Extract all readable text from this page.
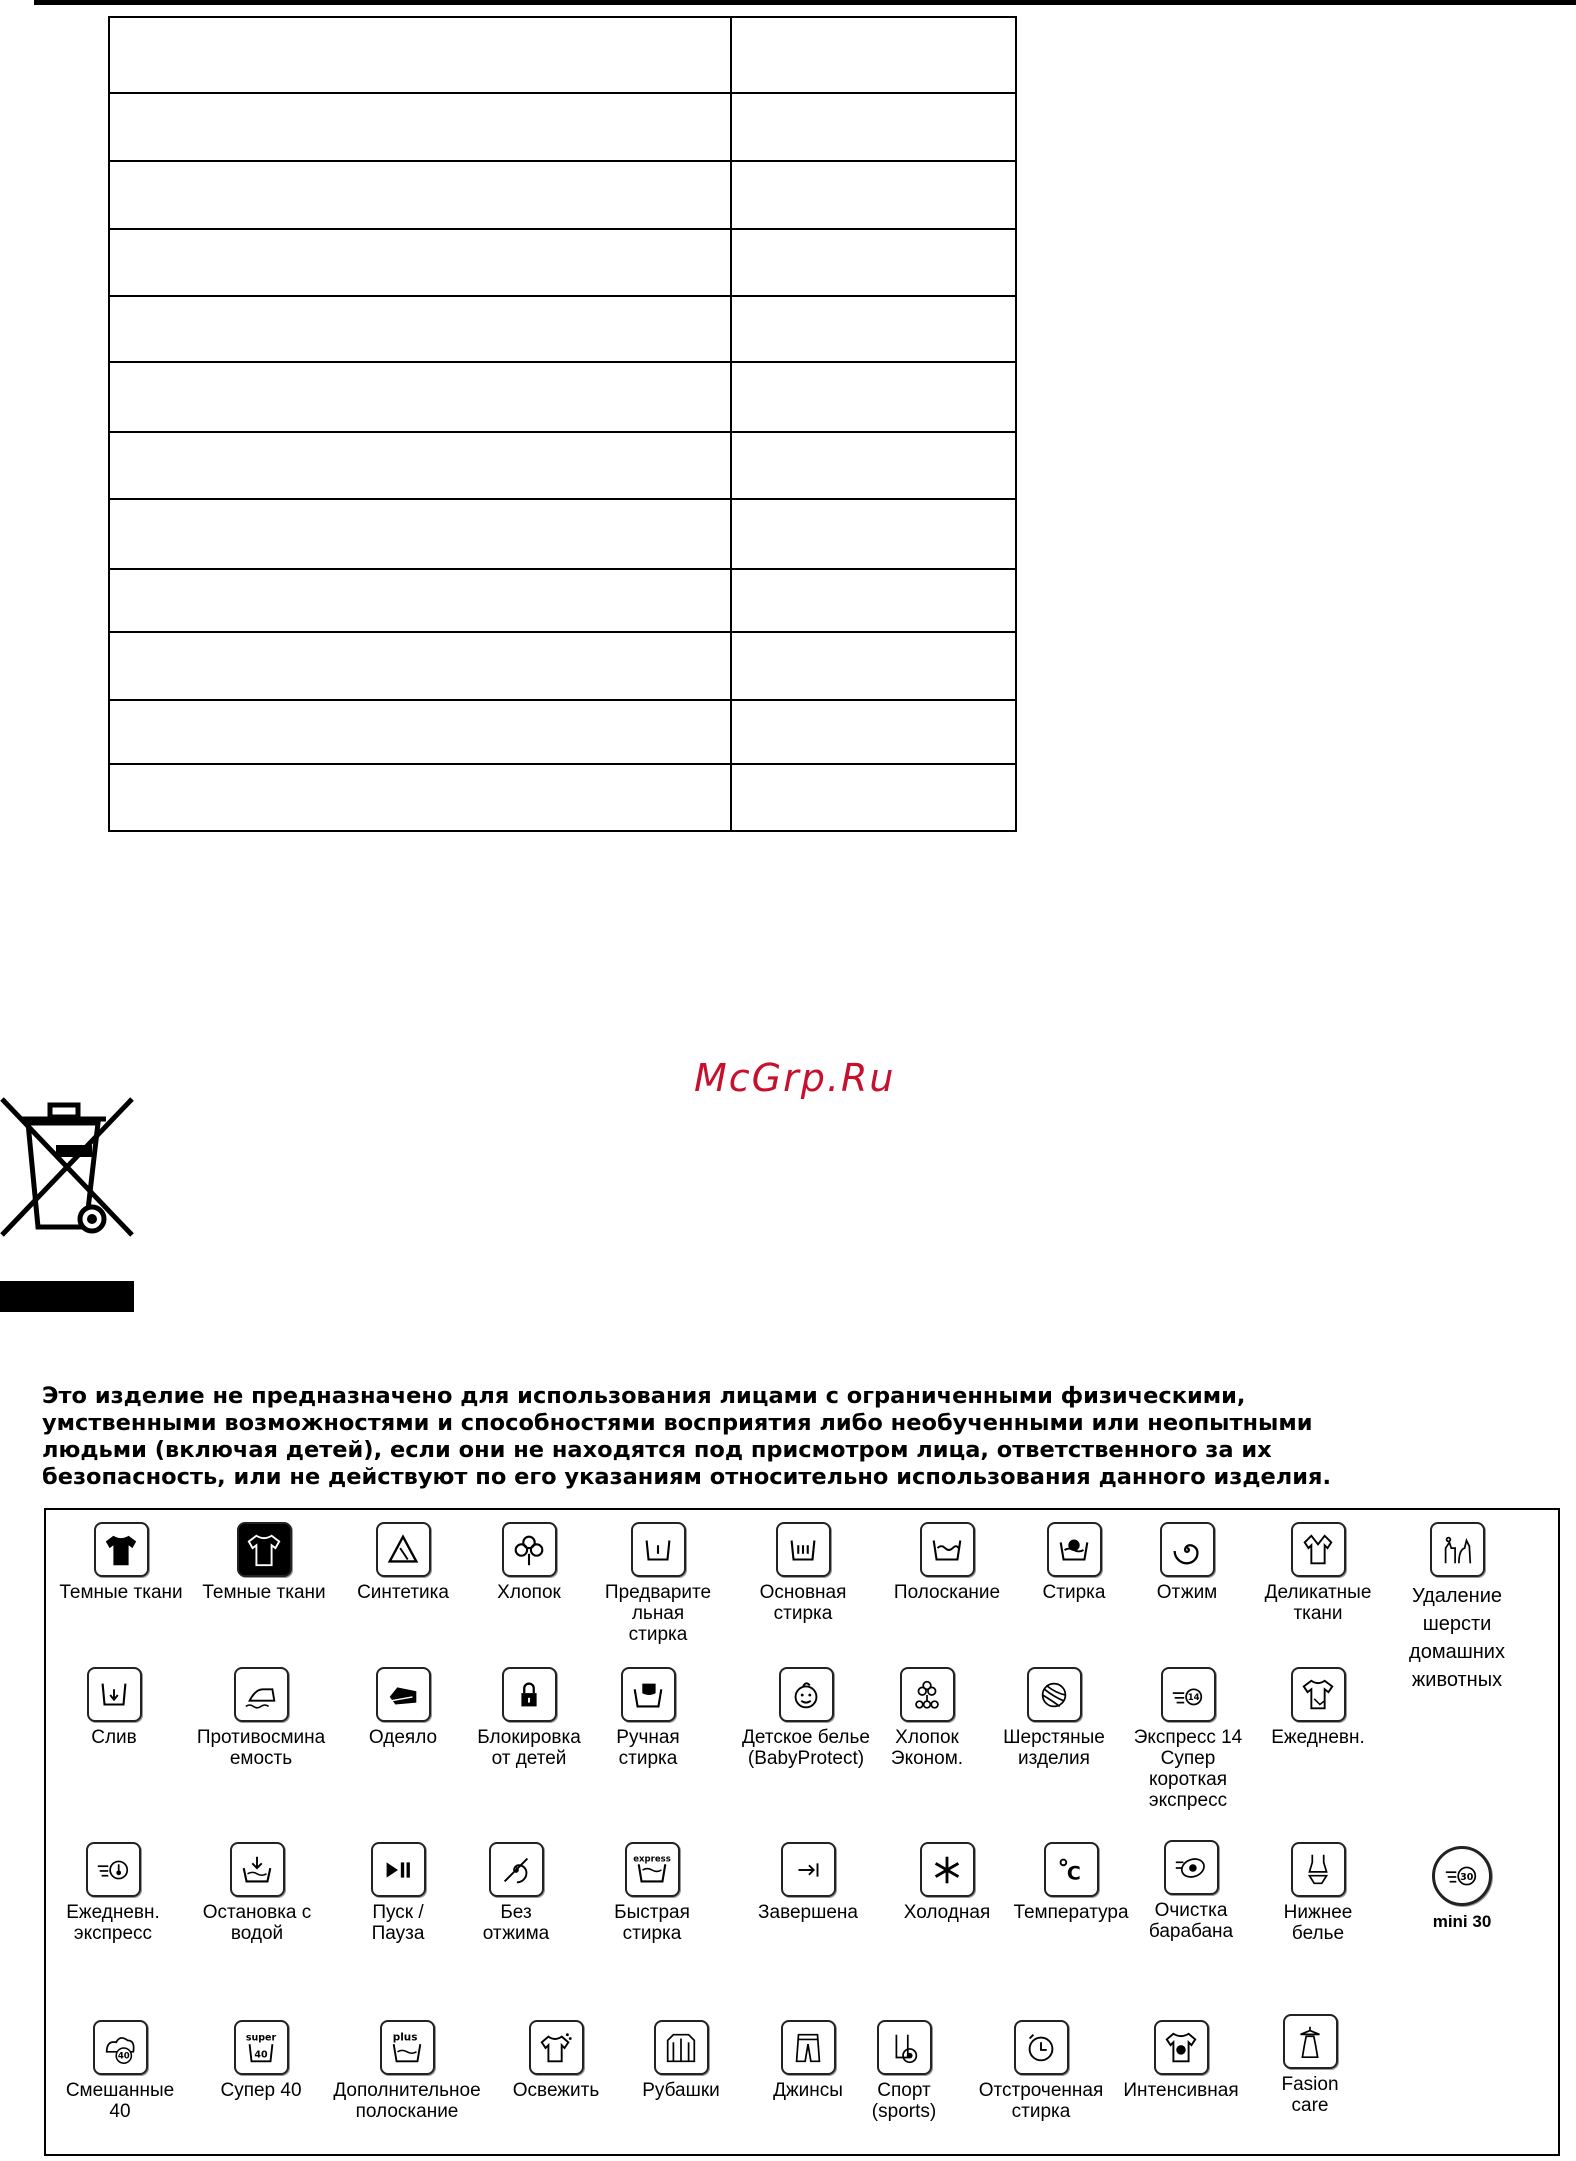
McGrp.Ru
Это изделие не предназначено для использования лицами с ограниченными физическими,
умственными возможностями и способностями восприятия либо необученными или неопытными
людьми (включая детей), если они не находятся под присмотром лица, ответственного за их
безопасность, или не действуют по его указаниям относительно использования данного изделия.
Темные ткани Темные ткани Синтетика	Хлопок Предварите
льная
стирка
Основная
стирка
Полоскание Стирка	Отжим Деликатные
ткани
Удаление
шерсти
домашних
животных
Слив	Противосмина
емость
Одеяло Блокировка
от детей
Ручная
стирка
Детское белье
(BabyProtect)
Хлопок
Эконом.
Шерстяные
изделия
14
Экспресс 14
Супер
короткая
экспресс
Ежедневн.
Ежедневн.
экспресс
Остановка с
водой
Пуск /
Пауза
Без
отжима
express
Быстрая
стирка
Завершена Холодная
C
Температура	Очистка
барабана
Нижнее
белье
30
mini 30
40
Смешанные
40
super
40
Супер 40
plus
Дополнительное
полоскание
Освежить Рубашки	Джинсы Спорт
(sports)
Отстроченная
стирка
Интенсивная Fasion
care
